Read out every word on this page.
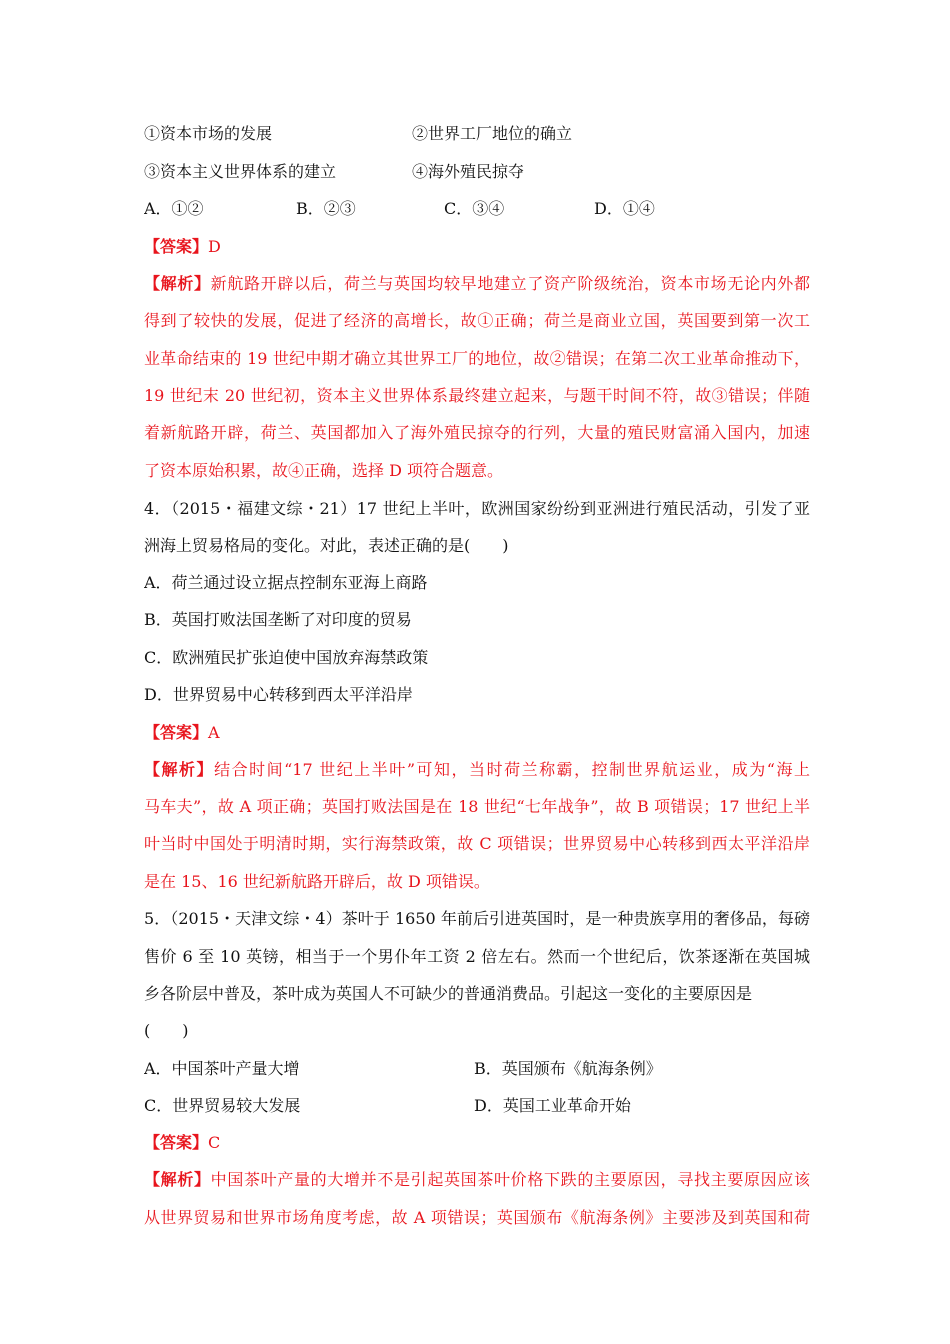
①资本市场的发展	②世界工厂地位的确立
③资本主义世界体系的建立	④海外殖民掠夺
A．①②	B．②③	C．③④	D．①④
【答案】D
【解析】新航路开辟以后，荷兰与英国均较早地建立了资产阶级统治，资本市场无论内外都
得到了较快的发展，促进了经济的高增长，故①正确；荷兰是商业立国，英国要到第一次工
业革命结束的 19 世纪中期才确立其世界工厂的地位，故②错误；在第二次工业革命推动下，
19 世纪末 20 世纪初，资本主义世界体系最终建立起来，与题干时间不符，故③错误；伴随
着新航路开辟，荷兰、英国都加入了海外殖民掠夺的行列，大量的殖民财富涌入国内，加速
了资本原始积累，故④正确，选择 D 项符合题意。
4．（2015・福建文综・21）17 世纪上半叶，欧洲国家纷纷到亚洲进行殖民活动，引发了亚
洲海上贸易格局的变化。对此，表述正确的是(　　)
A．荷兰通过设立据点控制东亚海上商路
B．英国打败法国垄断了对印度的贸易
C．欧洲殖民扩张迫使中国放弃海禁政策
D．世界贸易中心转移到西太平洋沿岸
【答案】A
【解析】结合时间“17 世纪上半叶”可知，当时荷兰称霸，控制世界航运业，成为“海上
马车夫”，故 A 项正确；英国打败法国是在 18 世纪“七年战争”，故 B 项错误；17 世纪上半
叶当时中国处于明清时期，实行海禁政策，故 C 项错误；世界贸易中心转移到西太平洋沿岸
是在 15、16 世纪新航路开辟后，故 D 项错误。
5．（2015・天津文综・4）茶叶于 1650 年前后引进英国时，是一种贵族享用的奢侈品，每磅
售价 6 至 10 英镑，相当于一个男仆年工资 2 倍左右。然而一个世纪后，饮茶逐渐在英国城
乡各阶层中普及，茶叶成为英国人不可缺少的普通消费品。引起这一变化的主要原因是
(　　)
A．中国茶叶产量大增	B．英国颁布《航海条例》
C．世界贸易较大发展	D．英国工业革命开始
【答案】C
【解析】中国茶叶产量的大增并不是引起英国茶叶价格下跌的主要原因，寻找主要原因应该
从世界贸易和世界市场角度考虑，故 A 项错误；英国颁布《航海条例》主要涉及到英国和荷
